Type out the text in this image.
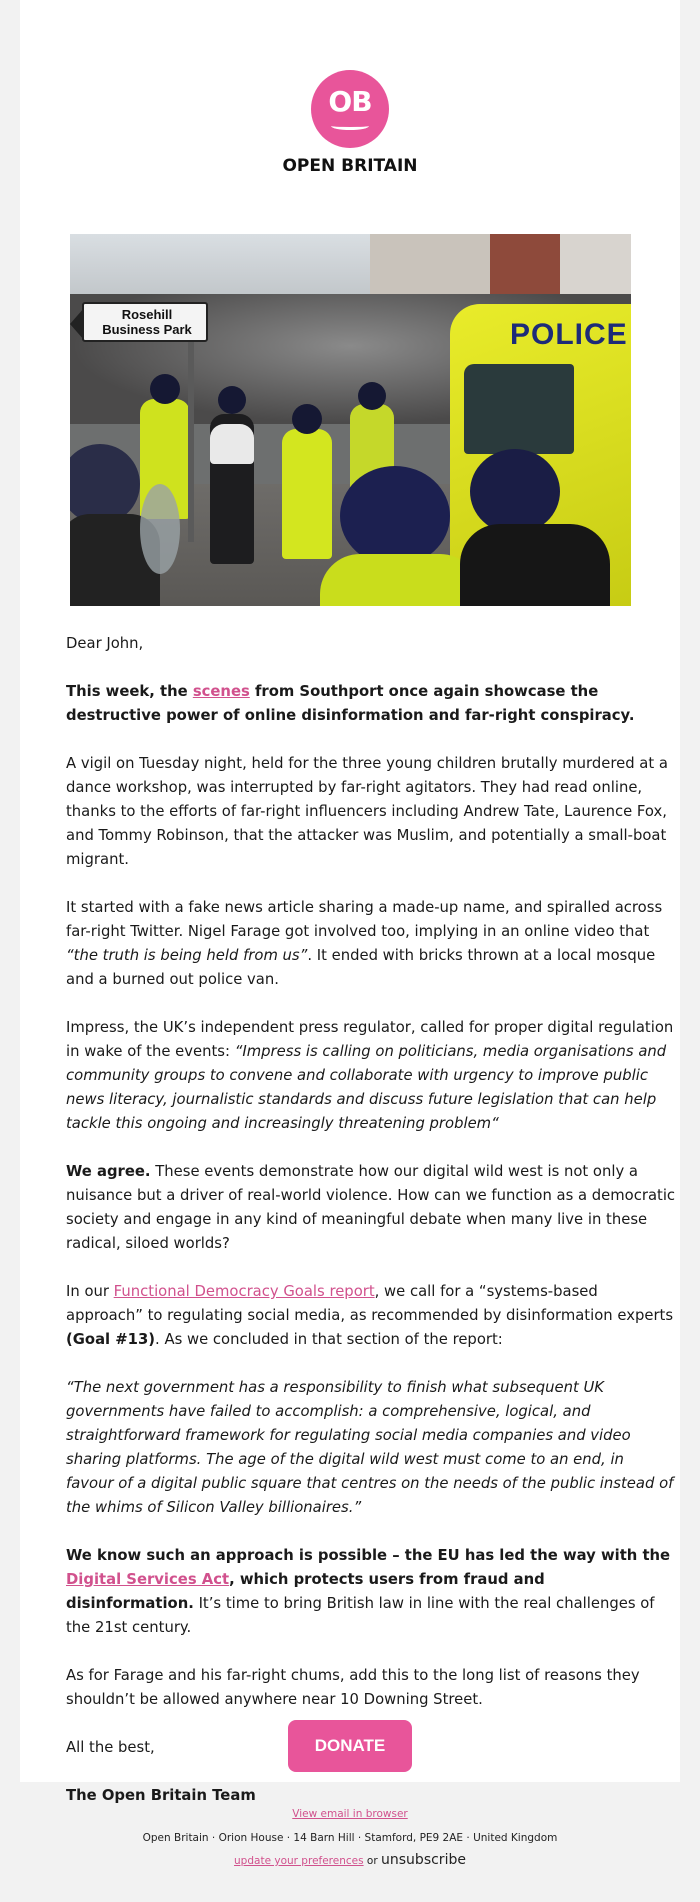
OB
OPEN BRITAIN
POLICE
Rosehill
Business Park

Dear John,

This week, the scenes from Southport once again showcase the destructive power of online disinformation and far-right conspiracy.

A vigil on Tuesday night, held for the three young children brutally murdered at a dance workshop, was interrupted by far-right agitators. They had read online, thanks to the efforts of far-right influencers including Andrew Tate, Laurence Fox, and Tommy Robinson, that the attacker was Muslim, and potentially a small-boat migrant.

It started with a fake news article sharing a made-up name, and spiralled across far-right Twitter. Nigel Farage got involved too, implying in an online video that “the truth is being held from us”. It ended with bricks thrown at a local mosque and a burned out police van.

Impress, the UK’s independent press regulator, called for proper digital regulation in wake of the events: “Impress is calling on politicians, media organisations and community groups to convene and collaborate with urgency to improve public news literacy, journalistic standards and discuss future legislation that can help tackle this ongoing and increasingly threatening problem“

We agree. These events demonstrate how our digital wild west is not only a nuisance but a driver of real-world violence. How can we function as a democratic society and engage in any kind of meaningful debate when many live in these radical, siloed worlds?

In our Functional Democracy Goals report, we call for a “systems-based approach” to regulating social media, as recommended by disinformation experts (Goal #13). As we concluded in that section of the report:

“The next government has a responsibility to finish what subsequent UK governments have failed to accomplish: a comprehensive, logical, and straightforward framework for regulating social media companies and video sharing platforms. The age of the digital wild west must come to an end, in favour of a digital public square that centres on the needs of the public instead of the whims of Silicon Valley billionaires.”

We know such an approach is possible – the EU has led the way with the Digital Services Act, which protects users from fraud and disinformation. It’s time to bring British law in line with the real challenges of the 21st century.

As for Farage and his far-right chums, add this to the long list of reasons they shouldn’t be allowed anywhere near 10 Downing Street.

All the best,

The Open Britain Team

DONATE
View email in browser
Open Britain · Orion House · 14 Barn Hill · Stamford, PE9 2AE · United Kingdom
update your preferences or unsubscribe
